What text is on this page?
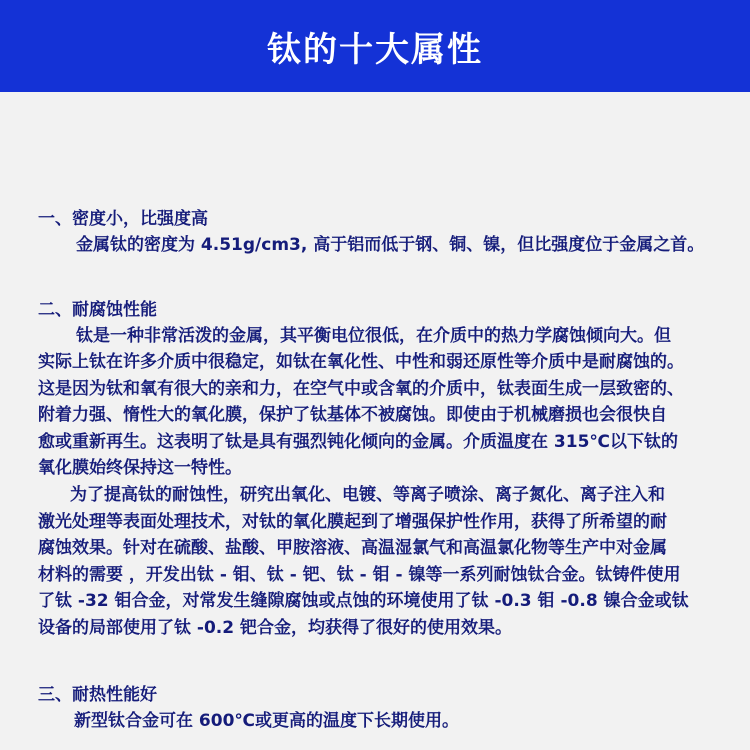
钛的十大属性
一、密度小，比强度高
金属钛的密度为 4.51g/cm3, 高于铝而低于钢、铜、镍，但比强度位于金属之首。
二、耐腐蚀性能
钛是一种非常活泼的金属，其平衡电位很低，在介质中的热力学腐蚀倾向大。但
实际上钛在许多介质中很稳定，如钛在氧化性、中性和弱还原性等介质中是耐腐蚀的。
这是因为钛和氧有很大的亲和力，在空气中或含氧的介质中，钛表面生成一层致密的、
附着力强、惰性大的氧化膜，保护了钛基体不被腐蚀。即使由于机械磨损也会很快自
愈或重新再生。这表明了钛是具有强烈钝化倾向的金属。介质温度在 315℃以下钛的
氧化膜始终保持这一特性。
为了提高钛的耐蚀性，研究出氧化、电镀、等离子喷涂、离子氮化、离子注入和
激光处理等表面处理技术，对钛的氧化膜起到了增强保护性作用，获得了所希望的耐
腐蚀效果。针对在硫酸、盐酸、甲胺溶液、高温湿氯气和高温氯化物等生产中对金属
材料的需要 ，开发出钛 - 钼、钛 - 钯、钛 - 钼 - 镍等一系列耐蚀钛合金。钛铸件使用
了钛 -32 钼合金，对常发生缝隙腐蚀或点蚀的环境使用了钛 -0.3 钼 -0.8 镍合金或钛
设备的局部使用了钛 -0.2 钯合金，均获得了很好的使用效果。
三、耐热性能好
新型钛合金可在 600℃或更高的温度下长期使用。
